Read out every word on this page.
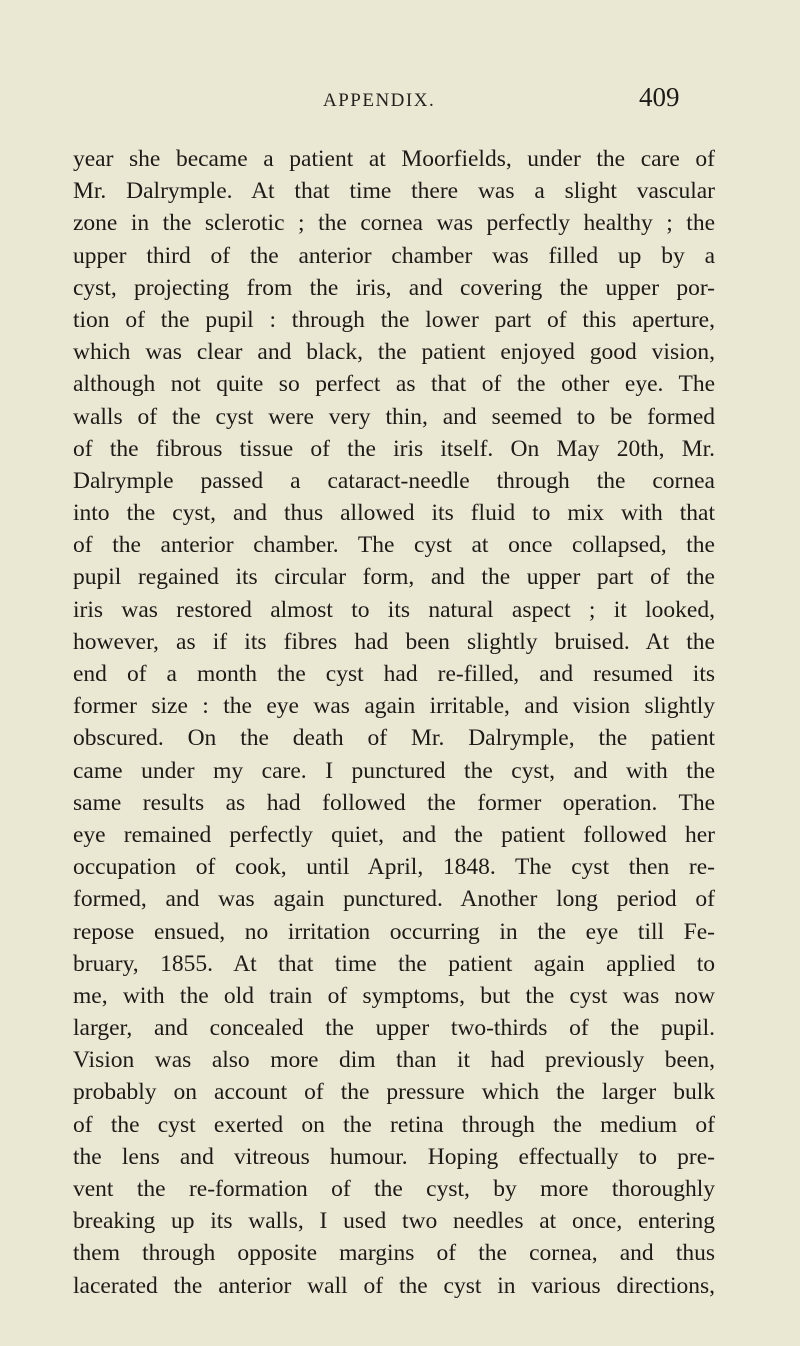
APPENDIX.	409
year she became a patient at Moorfields, under the care of
Mr. Dalrymple. At that time there was a slight vascular
zone in the sclerotic ; the cornea was perfectly healthy ; the
upper third of the anterior chamber was filled up by a
cyst, projecting from the iris, and covering the upper por-
tion of the pupil : through the lower part of this aperture,
which was clear and black, the patient enjoyed good vision,
although not quite so perfect as that of the other eye. The
walls of the cyst were very thin, and seemed to be formed
of the fibrous tissue of the iris itself. On May 20th, Mr.
Dalrymple passed a cataract-needle through the cornea
into the cyst, and thus allowed its fluid to mix with that
of the anterior chamber. The cyst at once collapsed, the
pupil regained its circular form, and the upper part of the
iris was restored almost to its natural aspect ; it looked,
however, as if its fibres had been slightly bruised. At the
end of a month the cyst had re-filled, and resumed its
former size : the eye was again irritable, and vision slightly
obscured. On the death of Mr. Dalrymple, the patient
came under my care. I punctured the cyst, and with the
same results as had followed the former operation. The
eye remained perfectly quiet, and the patient followed her
occupation of cook, until April, 1848. The cyst then re-
formed, and was again punctured. Another long period of
repose ensued, no irritation occurring in the eye till Fe-
bruary, 1855. At that time the patient again applied to
me, with the old train of symptoms, but the cyst was now
larger, and concealed the upper two-thirds of the pupil.
Vision was also more dim than it had previously been,
probably on account of the pressure which the larger bulk
of the cyst exerted on the retina through the medium of
the lens and vitreous humour. Hoping effectually to pre-
vent the re-formation of the cyst, by more thoroughly
breaking up its walls, I used two needles at once, entering
them through opposite margins of the cornea, and thus
lacerated the anterior wall of the cyst in various directions,
